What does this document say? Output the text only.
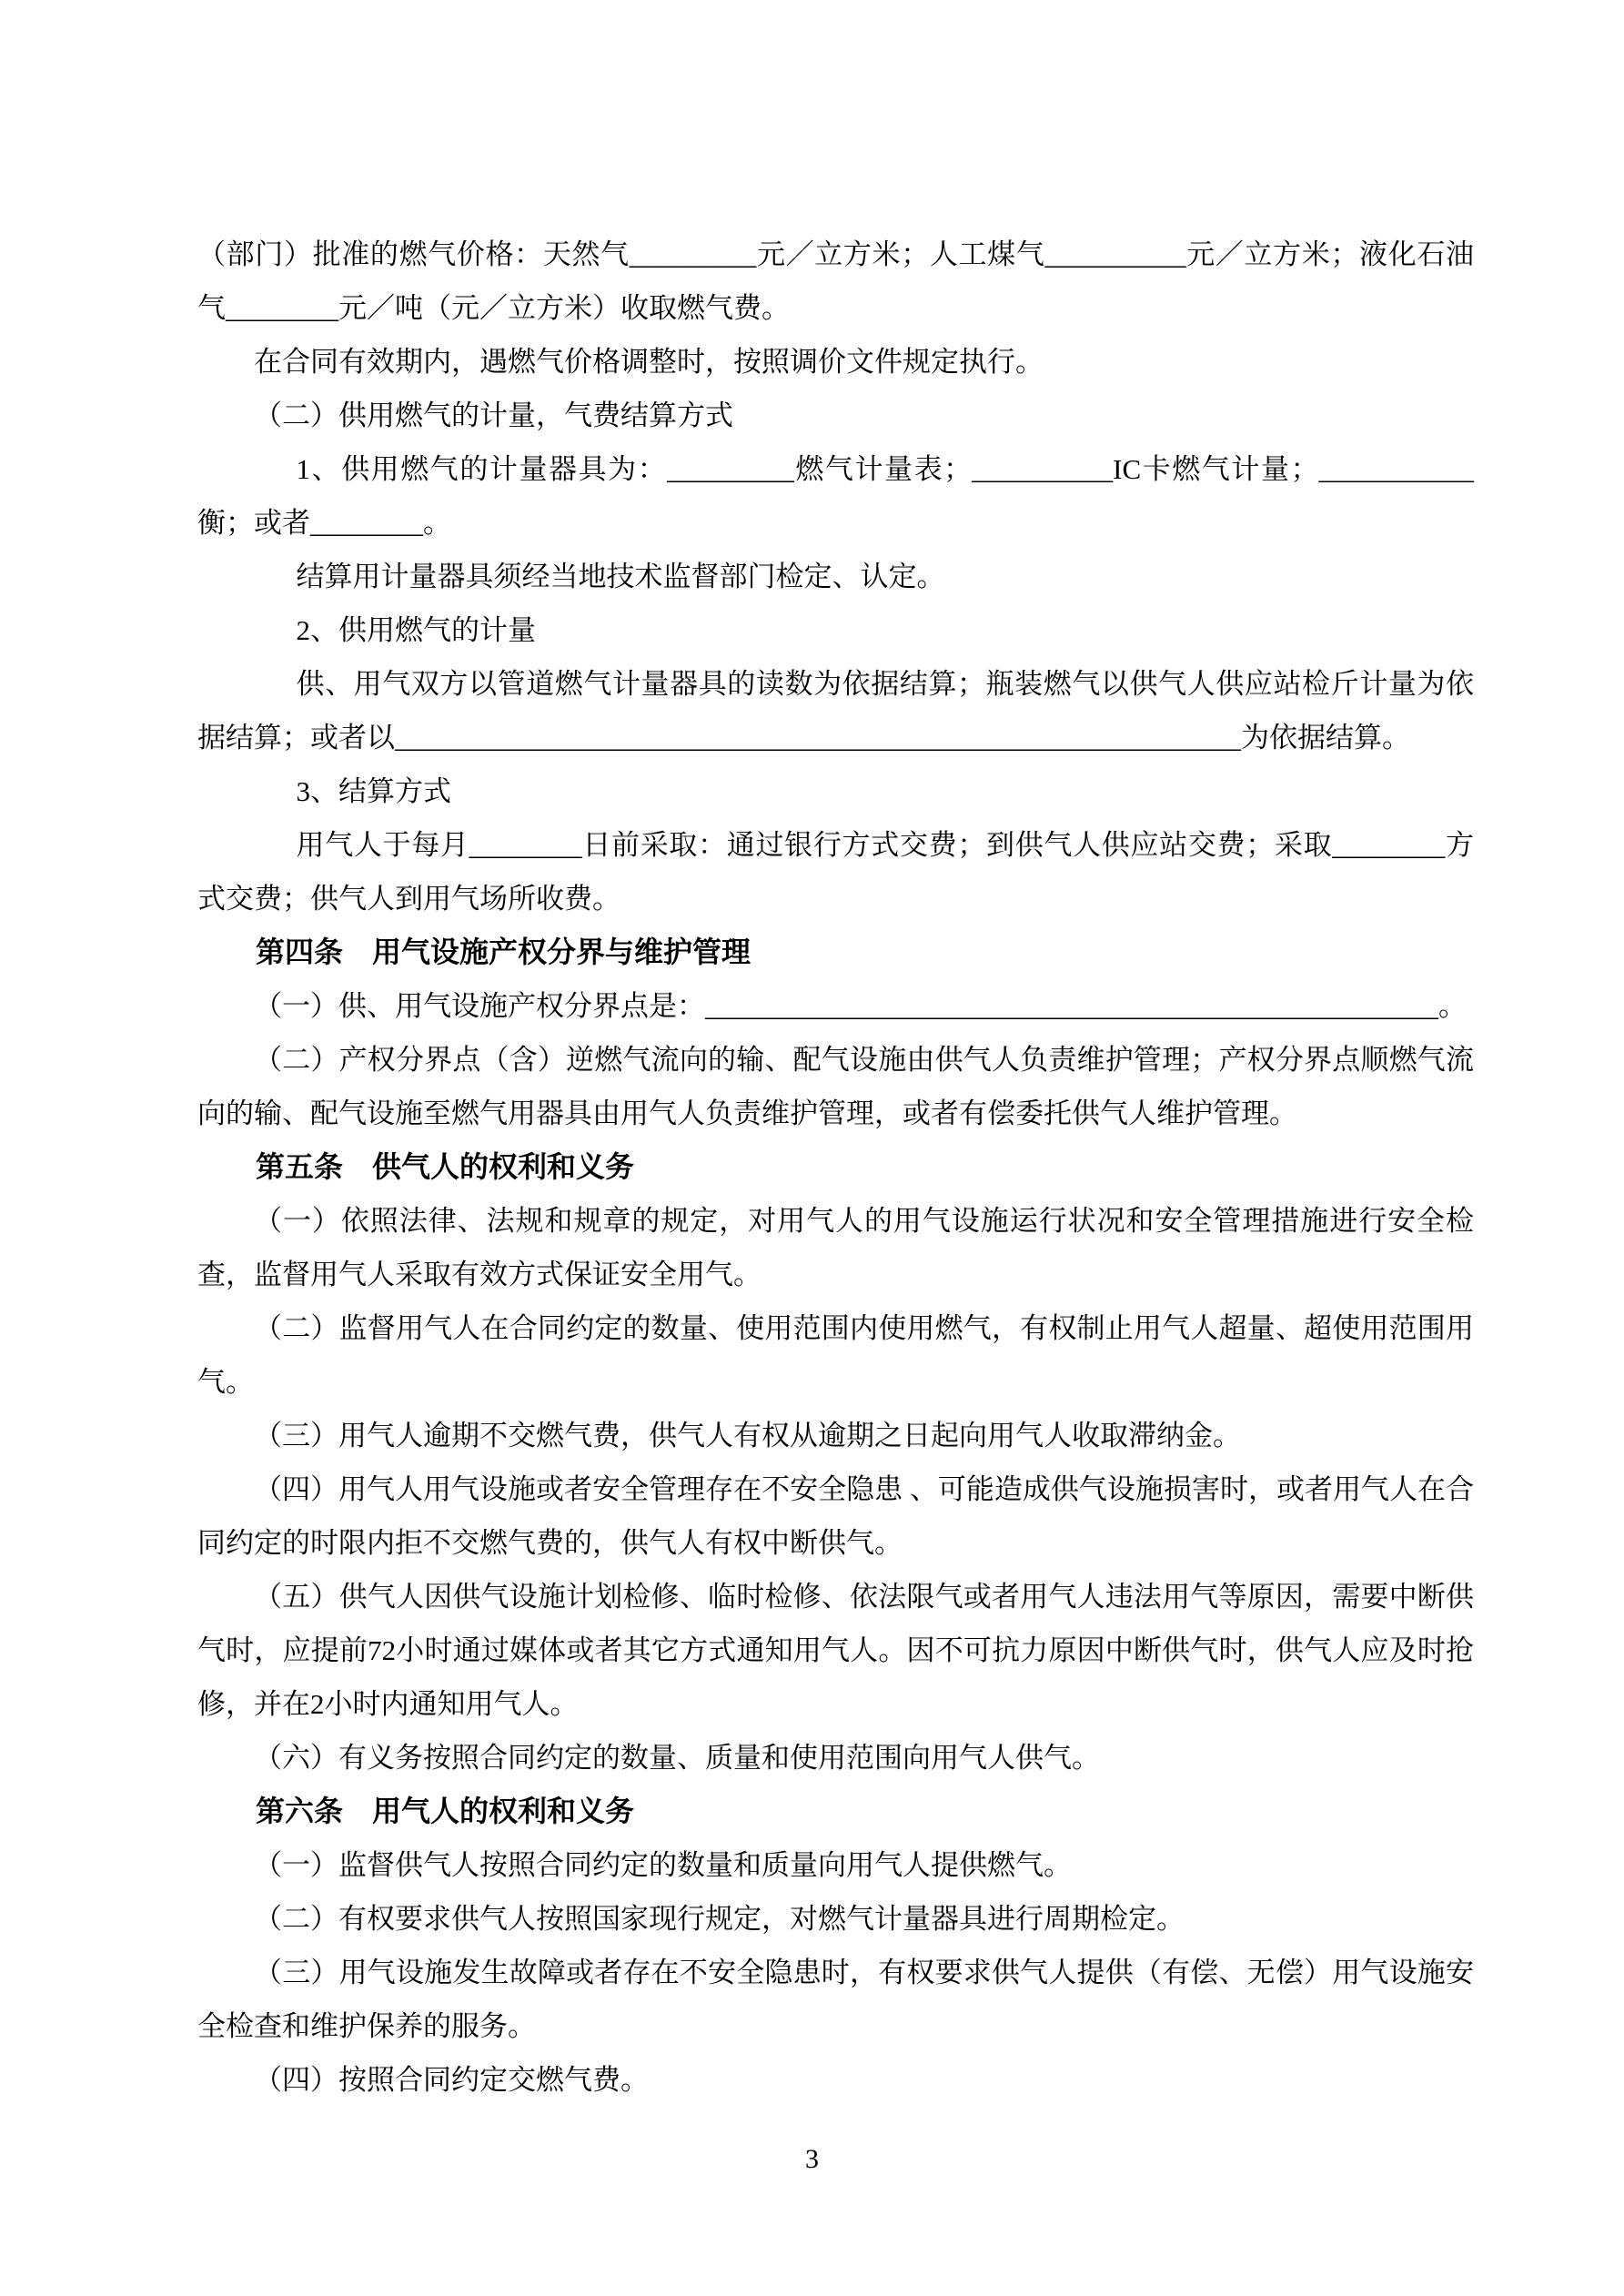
（部门）批准的燃气价格：天然气_________元／立方米；人工煤气__________元／立方米；液化石油气________元／吨（元／立方米）收取燃气费。

在合同有效期内，遇燃气价格调整时，按照调价文件规定执行。

（二）供用燃气的计量，气费结算方式

1、供用燃气的计量器具为：_________燃气计量表；__________IC卡燃气计量；___________衡；或者________。

结算用计量器具须经当地技术监督部门检定、认定。

2、供用燃气的计量

供、用气双方以管道燃气计量器具的读数为依据结算；瓶装燃气以供气人供应站检斤计量为依据结算；或者以____________________________________________________________为依据结算。

3、结算方式

用气人于每月________日前采取：通过银行方式交费；到供气人供应站交费；采取________方式交费；供气人到用气场所收费。

第四条　用气设施产权分界与维护管理

（一）供、用气设施产权分界点是：____________________________________________________。

（二）产权分界点（含）逆燃气流向的输、配气设施由供气人负责维护管理；产权分界点顺燃气流向的输、配气设施至燃气用器具由用气人负责维护管理，或者有偿委托供气人维护管理。

第五条　供气人的权利和义务

（一）依照法律、法规和规章的规定，对用气人的用气设施运行状况和安全管理措施进行安全检查，监督用气人采取有效方式保证安全用气。

（二）监督用气人在合同约定的数量、使用范围内使用燃气，有权制止用气人超量、超使用范围用气。

（三）用气人逾期不交燃气费，供气人有权从逾期之日起向用气人收取滞纳金。

（四）用气人用气设施或者安全管理存在不安全隐患 、可能造成供气设施损害时，或者用气人在合同约定的时限内拒不交燃气费的，供气人有权中断供气。

（五）供气人因供气设施计划检修、临时检修、依法限气或者用气人违法用气等原因，需要中断供气时，应提前72小时通过媒体或者其它方式通知用气人。因不可抗力原因中断供气时，供气人应及时抢修，并在2小时内通知用气人。

（六）有义务按照合同约定的数量、质量和使用范围向用气人供气。

第六条　用气人的权利和义务

（一）监督供气人按照合同约定的数量和质量向用气人提供燃气。

（二）有权要求供气人按照国家现行规定，对燃气计量器具进行周期检定。

（三）用气设施发生故障或者存在不安全隐患时，有权要求供气人提供（有偿、无偿）用气设施安全检查和维护保养的服务。

（四）按照合同约定交燃气费。

3
